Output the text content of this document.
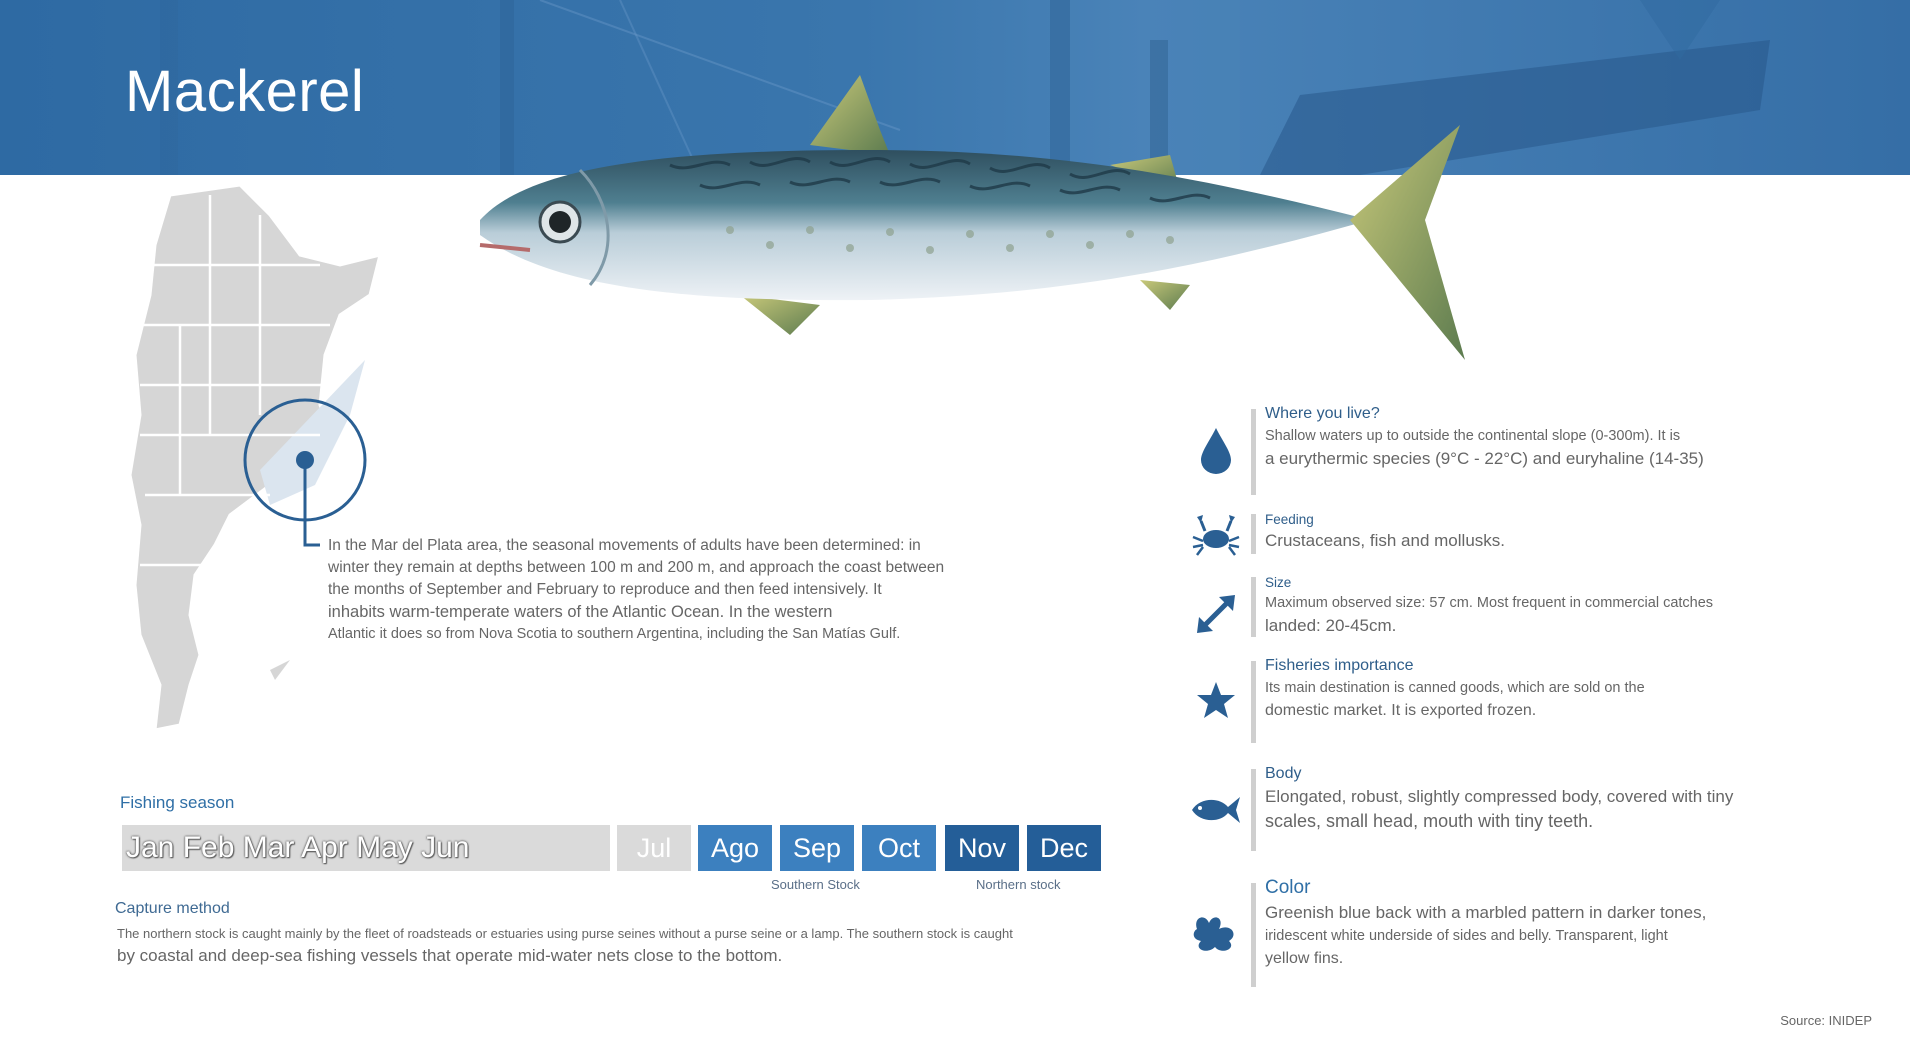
Mackerel

In the Mar del Plata area, the seasonal movements of adults have been determined: in

winter they remain at depths between 100 m and 200 m, and approach the coast between

the months of September and February to reproduce and then feed intensively. It

inhabits warm-temperate waters of the Atlantic Ocean. In the western

Atlantic it does so from Nova Scotia to southern Argentina, including the San Matías Gulf.

Fishing season
Jan Feb Mar Apr May Jun	Jul	Ago	Sep	Oct	Nov	Dec
Southern Stock	Northern stock
Capture method

The northern stock is caught mainly by the fleet of roadsteads or estuaries using purse seines without a purse seine or a lamp. The southern stock is caught

by coastal and deep-sea fishing vessels that operate mid-water nets close to the bottom.

Where you live?

Shallow waters up to outside the continental slope (0-300m). It is

a eurythermic species (9°C - 22°C) and euryhaline (14-35)

Feeding

Crustaceans, fish and mollusks.

Size

Maximum observed size: 57 cm. Most frequent in commercial catches

landed: 20-45cm.

Fisheries importance

Its main destination is canned goods, which are sold on the

domestic market. It is exported frozen.

Body

Elongated, robust, slightly compressed body, covered with tiny

scales, small head, mouth with tiny teeth.

Color

Greenish blue back with a marbled pattern in darker tones,

iridescent white underside of sides and belly. Transparent, light

yellow fins.

Source: INIDEP
